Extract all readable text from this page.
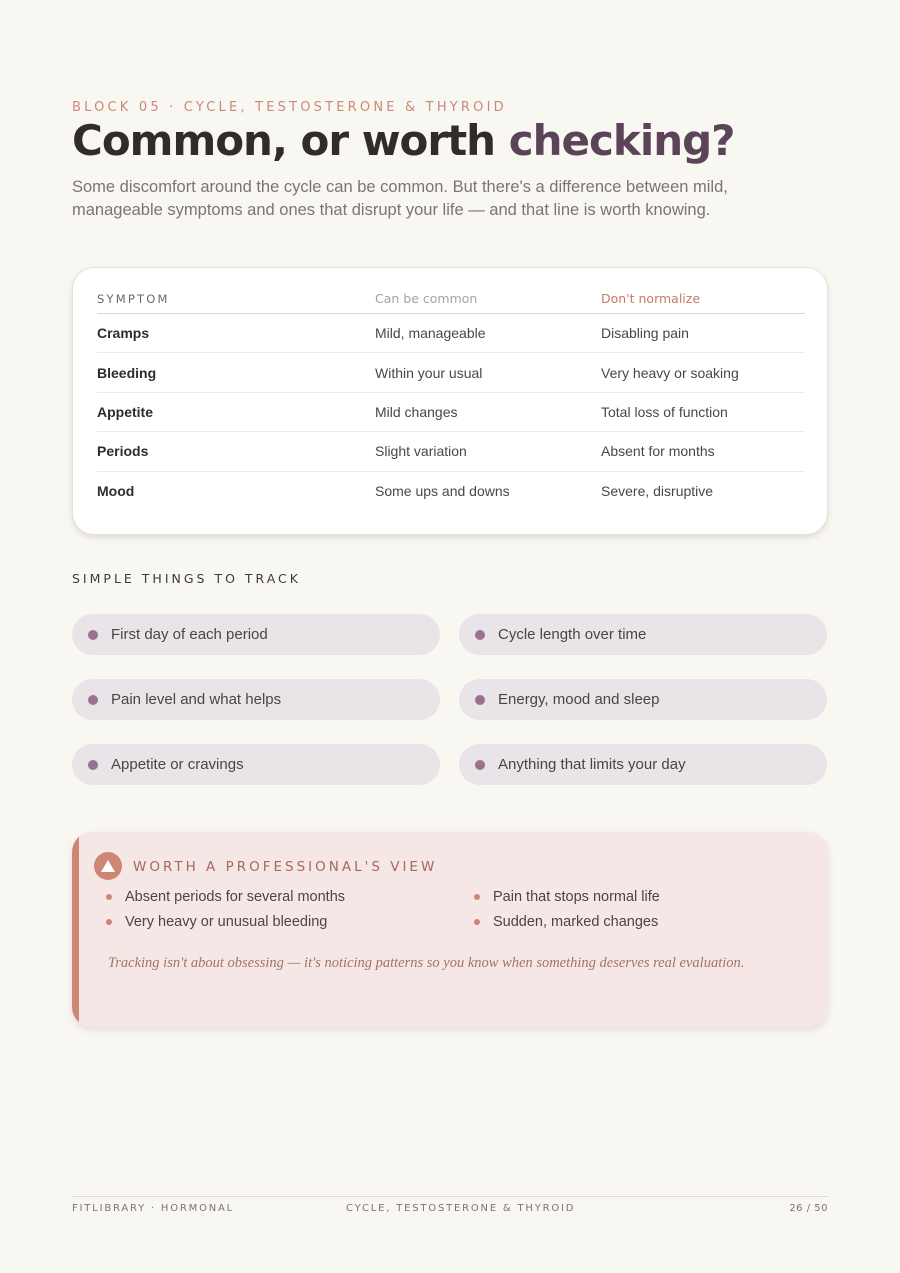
BLOCK 05 · CYCLE, TESTOSTERONE & THYROID
Common, or worth checking?

Some discomfort around the cycle can be common. But there's a difference between mild, manageable symptoms and ones that disrupt your life — and that line is worth knowing.

SYMPTOM	Can be common	Don't normalize
Cramps	Mild, manageable	Disabling pain
Bleeding	Within your usual	Very heavy or soaking
Appetite	Mild changes	Total loss of function
Periods	Slight variation	Absent for months
Mood	Some ups and downs	Severe, disruptive
SIMPLE THINGS TO TRACK
First day of each period	Cycle length over time
Pain level and what helps	Energy, mood and sleep
Appetite or cravings	Anything that limits your day
WORTH A PROFESSIONAL'S VIEW
Absent periods for several months
Very heavy or unusual bleeding
Pain that stops normal life
Sudden, marked changes
Tracking isn't about obsessing — it's noticing patterns so you know when something deserves real evaluation.
FITLIBRARY · HORMONAL	CYCLE, TESTOSTERONE & THYROID	26 / 50
